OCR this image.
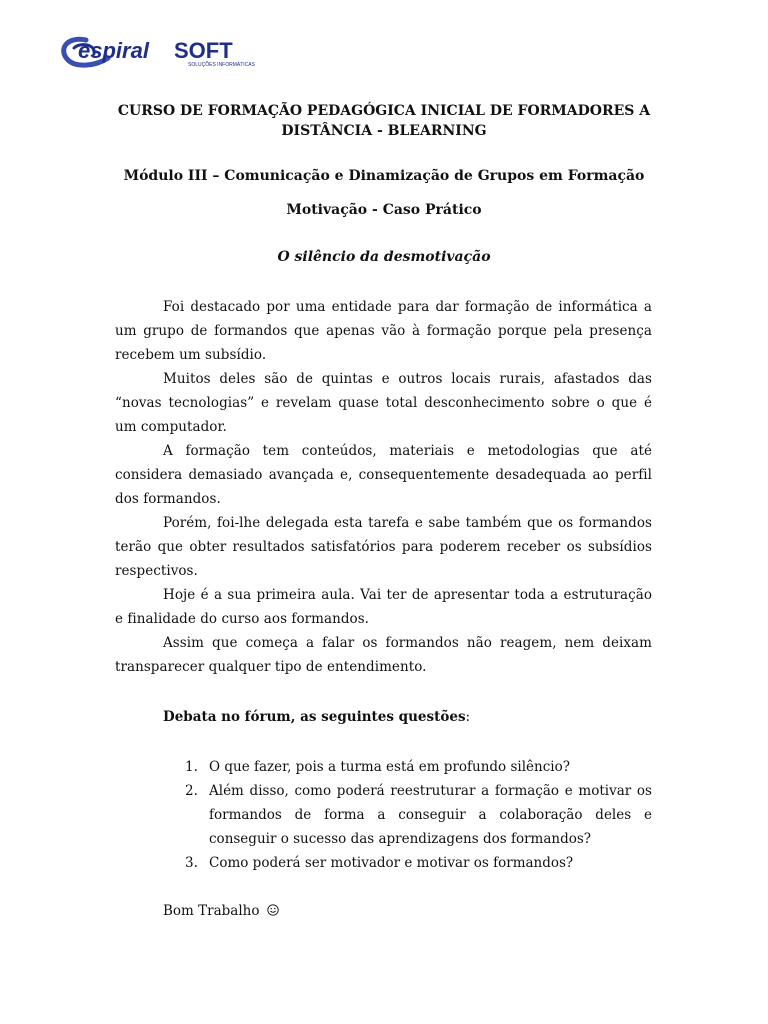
espiral SOFT
SOLUÇÕES INFORMÁTICAS
CURSO DE FORMAÇÃO PEDAGÓGICA INICIAL DE FORMADORES A DISTÂNCIA - BLEARNING
Módulo III – Comunicação e Dinamização de Grupos em Formação
Motivação - Caso Prático
O silêncio da desmotivação

Foi destacado por uma entidade para dar formação de informática a um grupo de formandos que apenas vão à formação porque pela presença recebem um subsídio.

Muitos deles são de quintas e outros locais rurais, afastados das “novas tecnologias” e revelam quase total desconhecimento sobre o que é um computador.

A formação tem conteúdos, materiais e metodologias que até considera demasiado avançada e, consequentemente desadequada ao perfil dos formandos.

Porém, foi-lhe delegada esta tarefa e sabe também que os formandos terão que obter resultados satisfatórios para poderem receber os subsídios respectivos.

Hoje é a sua primeira aula. Vai ter de apresentar toda a estruturação e finalidade do curso aos formandos.

Assim que começa a falar os formandos não reagem, nem deixam transparecer qualquer tipo de entendimento.

Debata no fórum, as seguintes questões:
1. O que fazer, pois a turma está em profundo silêncio?
2. Além disso, como poderá reestruturar a formação e motivar os formandos de forma a conseguir a colaboração deles e conseguir o sucesso das aprendizagens dos formandos?
3. Como poderá ser motivador e motivar os formandos?
Bom Trabalho
